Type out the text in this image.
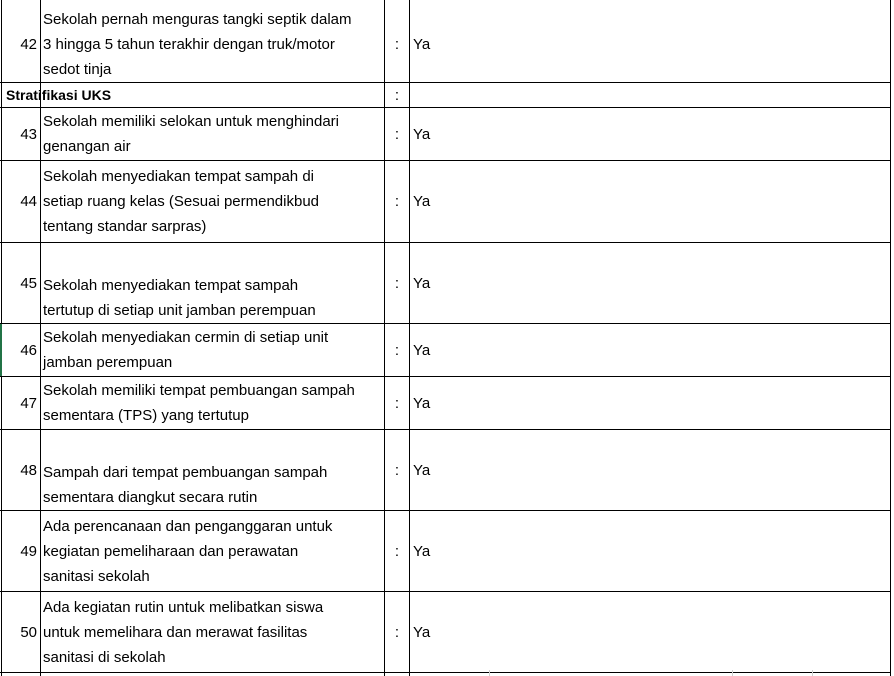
42
Sekolah pernah menguras tangki septik dalam
3 hingga 5 tahun terakhir dengan truk/motor
sedot tinja
: Ya
Stratifikasi UKS	:
43
Sekolah memiliki selokan untuk menghindari
genangan air
: Ya
44
Sekolah menyediakan tempat sampah di
setiap ruang kelas (Sesuai permendikbud
tentang standar sarpras)
: Ya
45 Sekolah menyediakan tempat sampah
tertutup di setiap unit jamban perempuan
: Ya
46
Sekolah menyediakan cermin di setiap unit
jamban perempuan
: Ya
47
Sekolah memiliki tempat pembuangan sampah
sementara (TPS) yang tertutup
: Ya
48 Sampah dari tempat pembuangan sampah
sementara diangkut secara rutin
: Ya
49
Ada perencanaan dan penganggaran untuk
kegiatan pemeliharaan dan perawatan
sanitasi sekolah
: Ya
50
Ada kegiatan rutin untuk melibatkan siswa
untuk memelihara dan merawat fasilitas
sanitasi di sekolah
: Ya
